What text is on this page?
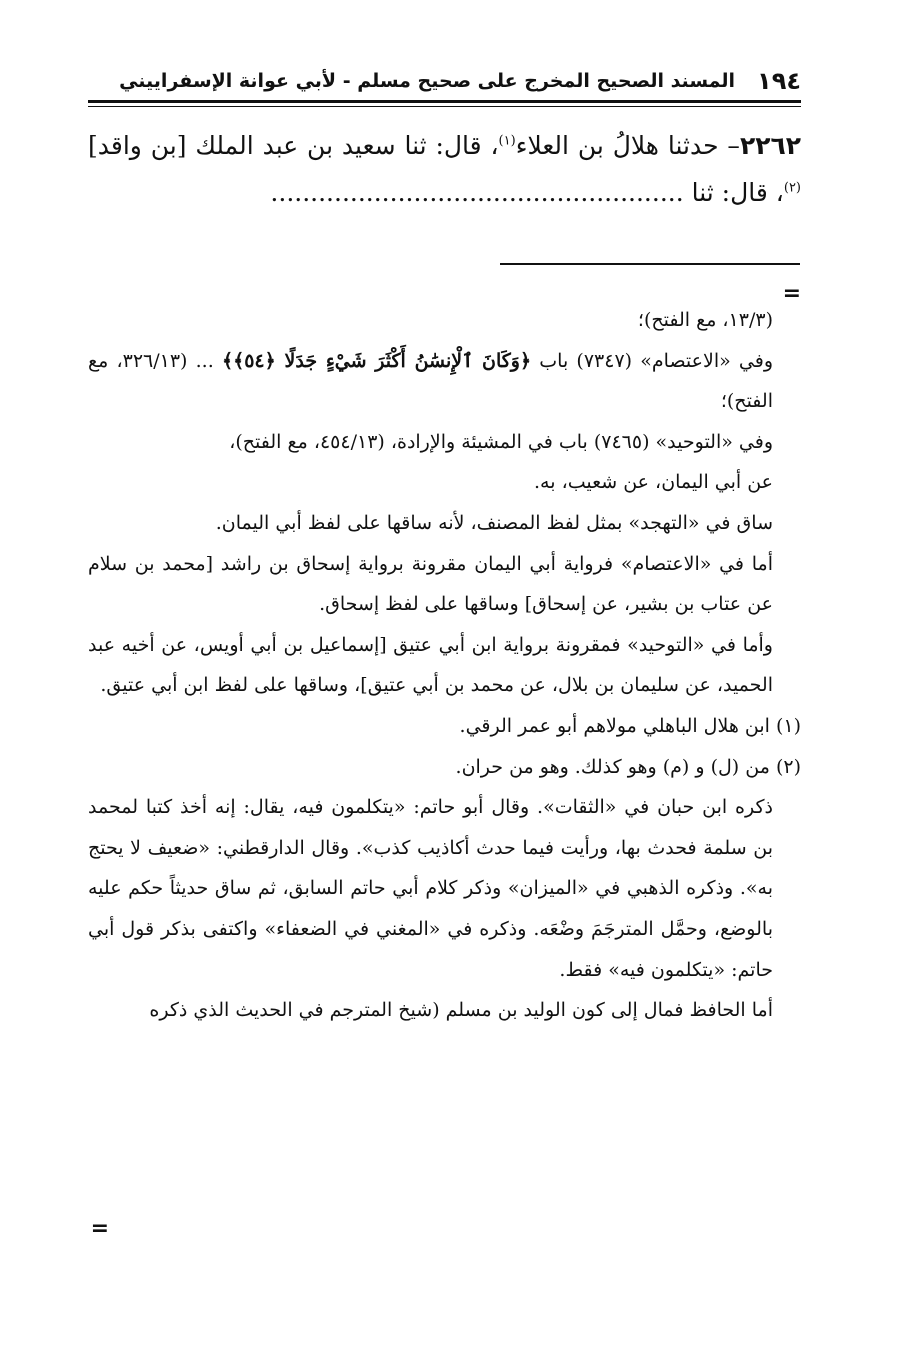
١٩٤
المسند الصحيح المخرج على صحيح مسلم - لأبي عوانة الإسفراييني

٢٢٦٢– حدثنا هلالُ بن العلاء$^{(١)}$، قال: ثنا سعيد بن عبد الملك [بن واقد]$^{(٢)}$، قال: ثنا ....................................................

=

(١٣/٣، مع الفتح)؛

وفي «الاعتصام» (٧٣٤٧) باب ﴿وَكَانَ ٱلْإِنسَٰنُ أَكْثَرَ شَيْءٍ جَدَلًا ﴿٥٤﴾﴾ ... (٣٢٦/١٣، مع الفتح)؛

وفي «التوحيد» (٧٤٦٥) باب في المشيئة والإرادة، (٤٥٤/١٣، مع الفتح)،

عن أبي اليمان، عن شعيب، به.

ساق في «التهجد» بمثل لفظ المصنف، لأنه ساقها على لفظ أبي اليمان.

أما في «الاعتصام» فرواية أبي اليمان مقرونة برواية إسحاق بن راشد [محمد بن سلام عن عتاب بن بشير، عن إسحاق] وساقها على لفظ إسحاق.

وأما في «التوحيد» فمقرونة برواية ابن أبي عتيق [إسماعيل بن أبي أويس، عن أخيه عبد الحميد، عن سليمان بن بلال، عن محمد بن أبي عتيق]، وساقها على لفظ ابن أبي عتيق.

(١) ابن هلال الباهلي مولاهم أبو عمر الرقي.

(٢) من (ل) و (م) وهو كذلك. وهو من حران.

ذكره ابن حبان في «الثقات». وقال أبو حاتم: «يتكلمون فيه، يقال: إنه أخذ كتبا لمحمد بن سلمة فحدث بها، ورأيت فيما حدث أكاذيب كذب». وقال الدارقطني: «ضعيف لا يحتج به». وذكره الذهبي في «الميزان» وذكر كلام أبي حاتم السابق، ثم ساق حديثاً حكم عليه بالوضع، وحمَّل المترجَمَ وضْعَه. وذكره في «المغني في الضعفاء» واكتفى بذكر قول أبي حاتم: «يتكلمون فيه» فقط.

أما الحافظ فمال إلى كون الوليد بن مسلم (شيخ المترجم في الحديث الذي ذكره

=
